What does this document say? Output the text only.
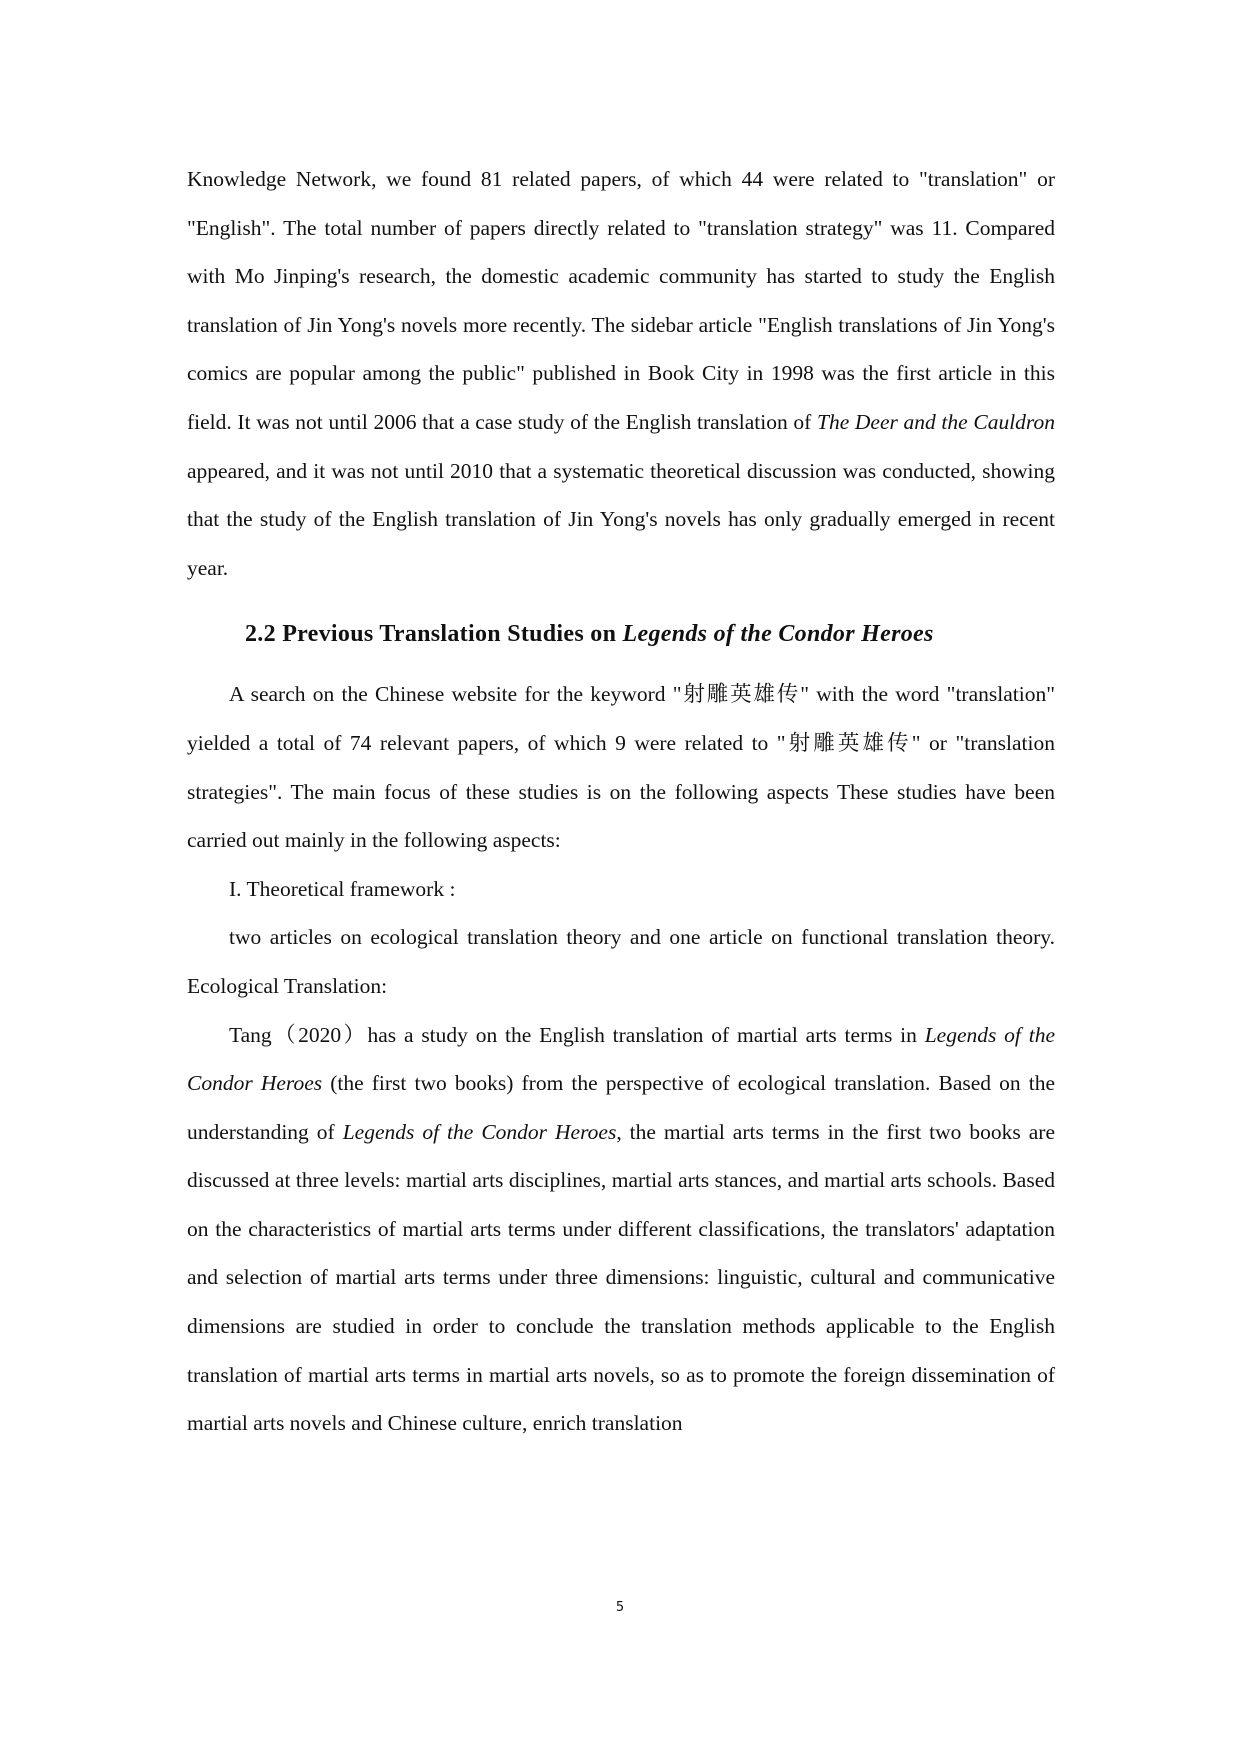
Knowledge Network, we found 81 related papers, of which 44 were related to "translation" or "English". The total number of papers directly related to "translation strategy" was 11. Compared with Mo Jinping's research, the domestic academic community has started to study the English translation of Jin Yong's novels more recently. The sidebar article "English translations of Jin Yong's comics are popular among the public" published in Book City in 1998 was the first article in this field. It was not until 2006 that a case study of the English translation of The Deer and the Cauldron appeared, and it was not until 2010 that a systematic theoretical discussion was conducted, showing that the study of the English translation of Jin Yong's novels has only gradually emerged in recent year.

2.2 Previous Translation Studies on Legends of the Condor Heroes

A search on the Chinese website for the keyword "射雕英雄传" with the word "translation" yielded a total of 74 relevant papers, of which 9 were related to "射雕英雄传" or "translation strategies". The main focus of these studies is on the following aspects These studies have been carried out mainly in the following aspects:

I. Theoretical framework :

two articles on ecological translation theory and one article on functional translation theory. Ecological Translation:

Tang（2020）has a study on the English translation of martial arts terms in Legends of the Condor Heroes (the first two books) from the perspective of ecological translation. Based on the understanding of Legends of the Condor Heroes, the martial arts terms in the first two books are discussed at three levels: martial arts disciplines, martial arts stances, and martial arts schools. Based on the characteristics of martial arts terms under different classifications, the translators' adaptation and selection of martial arts terms under three dimensions: linguistic, cultural and communicative dimensions are studied in order to conclude the translation methods applicable to the English translation of martial arts terms in martial arts novels, so as to promote the foreign dissemination of martial arts novels and Chinese culture, enrich translation

5
